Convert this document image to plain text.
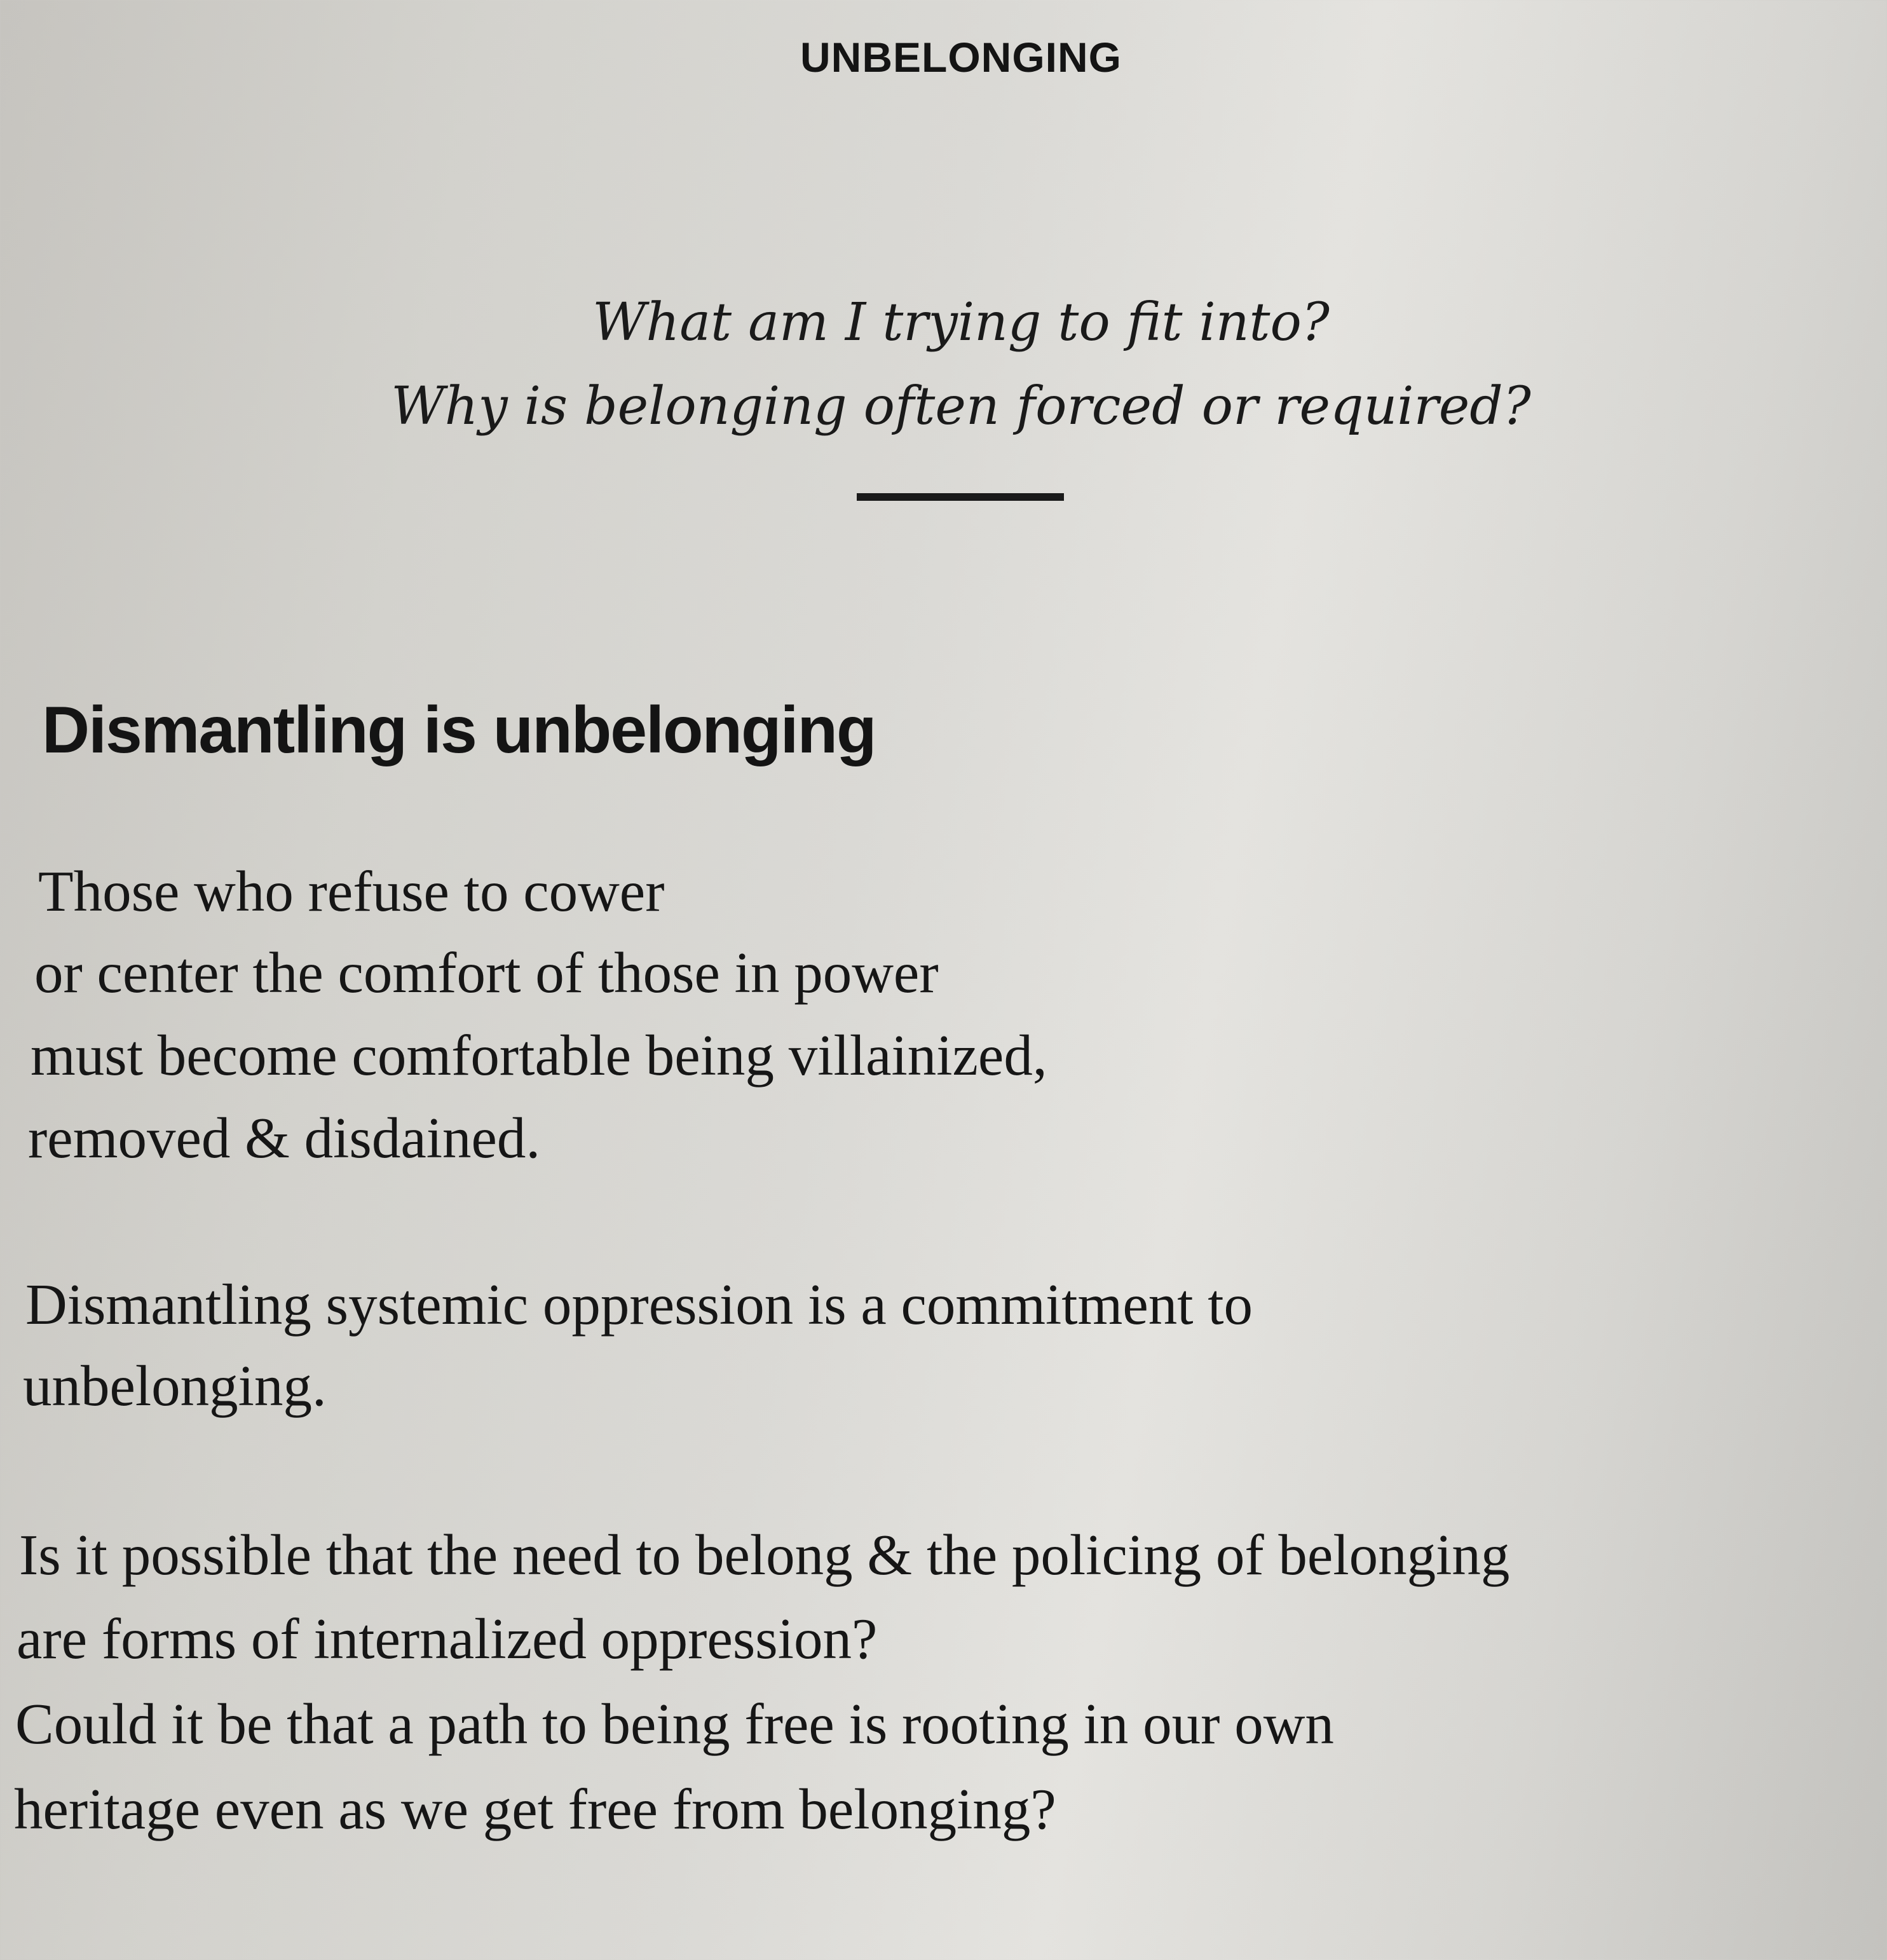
UNBELONGING
What am I trying to fit into?
Why is belonging often forced or required?
Dismantling is unbelonging
Those who refuse to cower
or center the comfort of those in power
must become comfortable being villainized,
removed & disdained.
Dismantling systemic oppression is a commitment to
unbelonging.
Is it possible that the need to belong & the policing of belonging
are forms of internalized oppression?
Could it be that a path to being free is rooting in our own
heritage even as we get free from belonging?
